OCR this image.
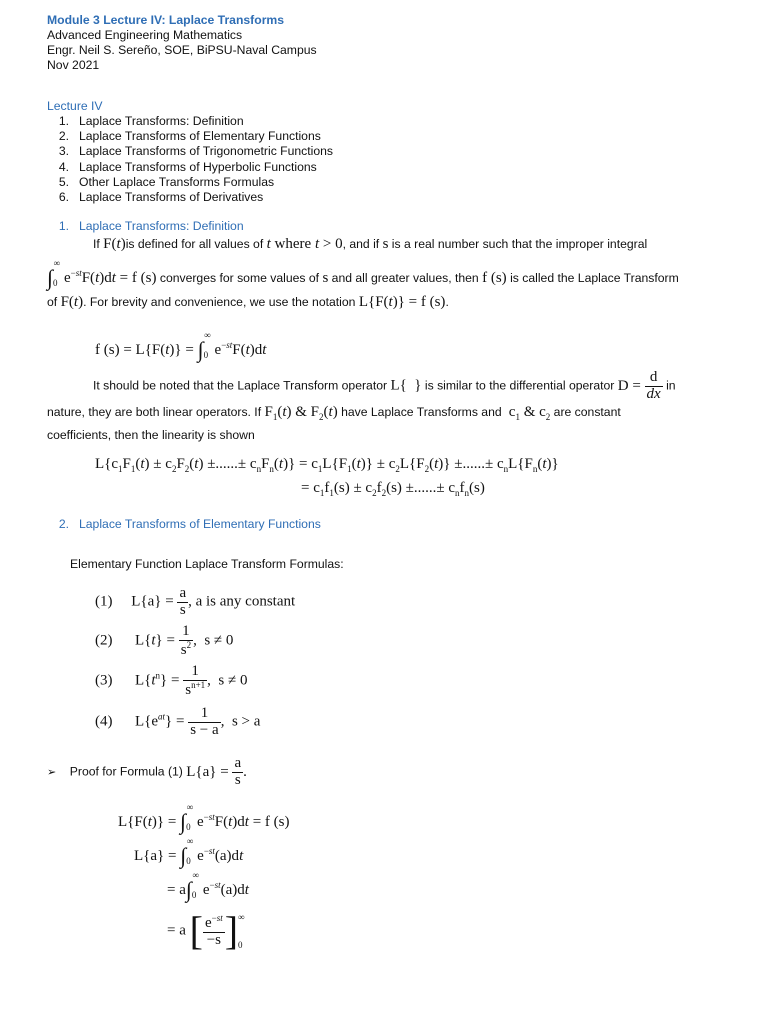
Module 3 Lecture IV: Laplace Transforms
Advanced Engineering Mathematics
Engr. Neil S. Sereño, SOE, BiPSU-Naval Campus
Nov 2021
Lecture IV
1. Laplace Transforms: Definition
2. Laplace Transforms of Elementary Functions
3. Laplace Transforms of Trigonometric Functions
4. Laplace Transforms of Hyperbolic Functions
5. Other Laplace Transforms Formulas
6. Laplace Transforms of Derivatives
1. Laplace Transforms: Definition
If F(t)is defined for all values of t where t > 0, and if s is a real number such that the improper integral
$\int_0^\infty e^{-st}F(t)dt = f$ (s) converges for some values of s and all greater values, then f (s) is called the Laplace Transform
of F(t). For brevity and convenience, we use the notation L{F(t)} = f (s).
f $(s) = L\{F(t)\} = \int_0^\infty e^{-st}F(t)dt$
It should be noted that the Laplace Transform operator L{  } is similar to the differential operator $D = \frac{d}{dx}$ in
nature, they are both linear operators. If $F_1(t)$ & $F_2(t)$ have Laplace Transforms and  $c_1$ & $c_2$ are constant
coefficients, then the linearity is shown
$L\{c_1F_1(t) \pm c_2F_2(t)$ ±......± $c_nF_n(t)\} = c_1L\{F_1(t)\} \pm c_2L\{F_2(t)\}$ ±......± $c_nL\{F_n(t)\}$
= $c_1f_1(s) \pm c_2f_2(s)$ ±......± $c_nf_n(s)$
2. Laplace Transforms of Elementary Functions
Elementary Function Laplace Transform Formulas:
(1)     $L\{a\} = \frac{a}{s}$ , a is any constant
(2)      $L\{t\} = \frac{1}{s^2}$ ,  s ≠ 0
(3)      $L\{t^n\} = \frac{1}{s^{n+1}}$ ,  s ≠ 0
(4)      $L\{e^{at}\} = \frac{1}{s - a}$ ,  s > a
➢ Proof for Formula (1) $L\{a\} = \frac{a}{s}$ .
$L\{F(t)\} = \int_0^\infty e^{-st}F(t)dt = f$ (s)
$L\{a\} = \int_0^\infty e^{-st}(a)dt$
= $a\int_0^\infty e^{-st}(a)dt$
= a [ $\frac{e^{-st}}{-s}$ ]∞
0
